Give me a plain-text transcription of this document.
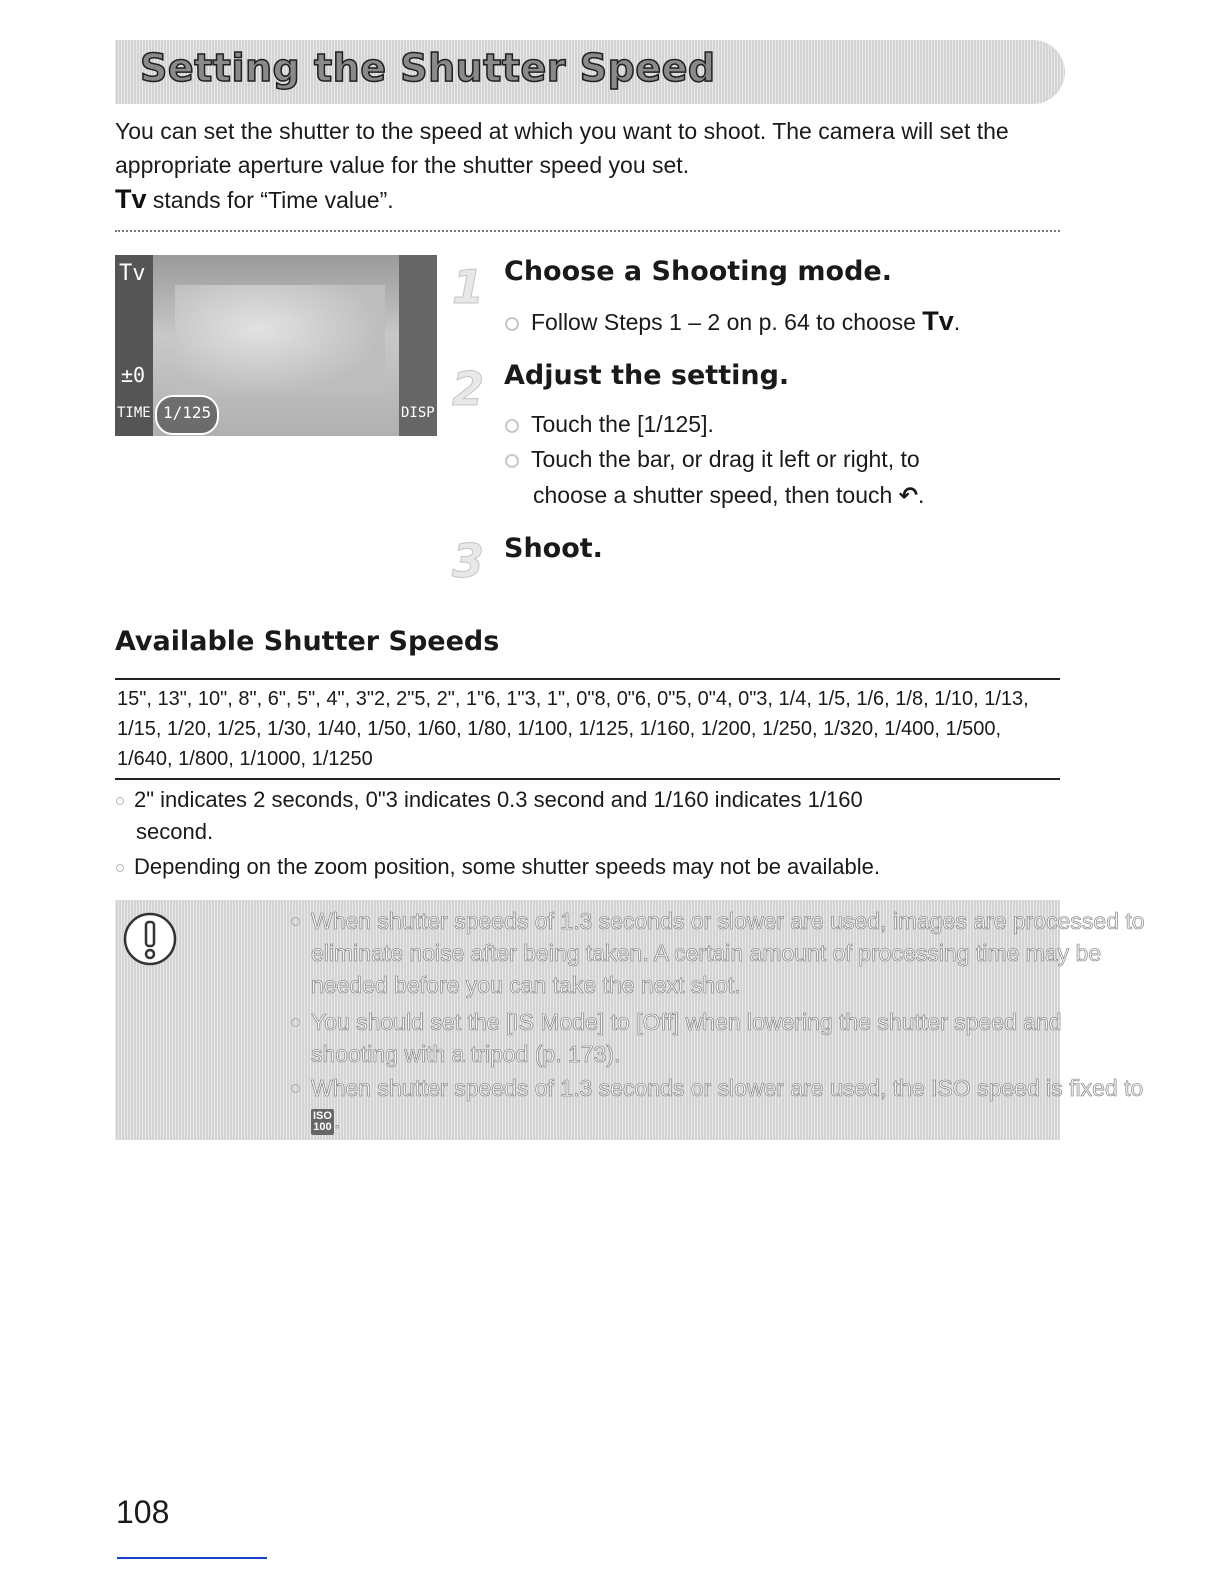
Setting the Shutter Speed

You can set the shutter to the speed at which you want to shoot. The camera will set the appropriate aperture value for the shutter speed you set.
Tv stands for “Time value”.

Tv
±0
TIME 1/125	DISP
1 Choose a Shooting mode.
Follow Steps 1 – 2 on p. 64 to choose Tv.
2 Adjust the setting.
Touch the [1/125].
Touch the bar, or drag it left or right, to
choose a shutter speed, then touch ↶.
3 Shoot.
Available Shutter Speeds

15", 13", 10", 8", 6", 5", 4", 3"2, 2"5, 2", 1"6, 1"3, 1", 0"8, 0"6, 0"5, 0"4, 0"3, 1/4, 1/5, 1/6, 1/8, 1/10, 1/13, 1/15, 1/20, 1/25, 1/30, 1/40, 1/50, 1/60, 1/80, 1/100, 1/125, 1/160, 1/200, 1/250, 1/320, 1/400, 1/500, 1/640, 1/800, 1/1000, 1/1250

2" indicates 2 seconds, 0"3 indicates 0.3 second and 1/160 indicates 1/160
second.
Depending on the zoom position, some shutter speeds may not be available.
When shutter speeds of 1.3 seconds or slower are used, images are processed to eliminate noise after being taken. A certain amount of processing time may be needed before you can take the next shot.
You should set the [IS Mode] to [Off] when lowering the shutter speed and shooting with a tripod (p. 173).
When shutter speeds of 1.3 seconds or slower are used, the ISO speed is fixed to ISO
100.

108
